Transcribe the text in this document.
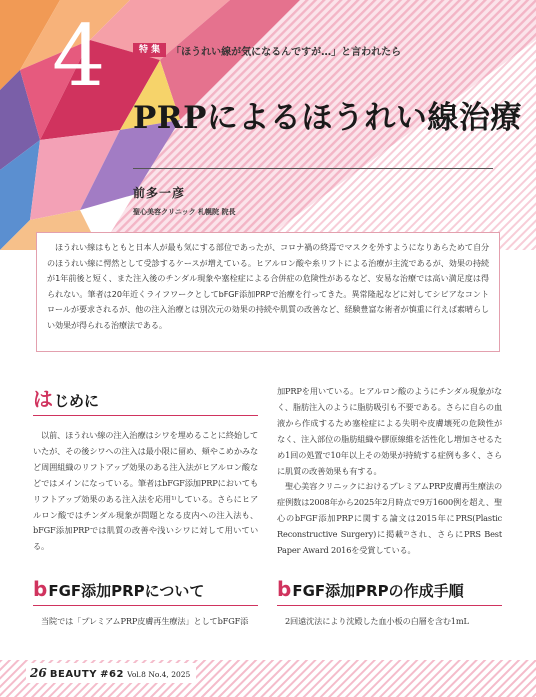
4	特 集	「ほうれい線が気になるんですが…」と言われたら
PRPによるほうれい線治療
前多一彦
聖心美容クリニック 札幌院 院長

ほうれい線はもともと日本人が最も気にする部位であったが、コロナ禍の終焉でマスクを外すようになりあらためて自分のほうれい線に愕然として受診するケースが増えている。ヒアルロン酸や糸リフトによる治療が主流であるが、効果の持続が1年前後と短く、また注入後のチンダル現象や塞栓症による合併症の危険性があるなど、安易な治療では高い満足度は得られない。筆者は20年近くライフワークとしてbFGF添加PRPで治療を行ってきた。異常隆起などに対してシビアなコントロールが要求されるが、他の注入治療とは別次元の効果の持続や肌質の改善など、経験豊富な術者が慎重に行えば素晴らしい効果が得られる治療法である。

は じめに

以前、ほうれい線の注入治療はシワを埋めることに終始していたが、その後シワへの注入は最小限に留め、頬やこめかみなど周囲組織のリフトアップ効果のある注入法がヒアルロン酸などではメインになっている。筆者はbFGF添加PRPにおいてもリフトアップ効果のある注入法を応用¹⁾している。さらにヒアルロン酸ではチンダル現象が問題となる皮内への注入法も、bFGF添加PRPでは肌質の改善や浅いシワに対して用いている。

加PRPを用いている。ヒアルロン酸のようにチンダル現象がなく、脂肪注入のように脂肪吸引も不要である。さらに自らの血液から作成するため塞栓症による失明や皮膚壊死の危険性がなく、注入部位の脂肪組織や膠原線維を活性化し増加させるため1回の処置で10年以上その効果が持続する症例も多く、さらに肌質の改善効果も有する。

聖心美容クリニックにおけるプレミアムPRP皮膚再生療法の症例数は2008年から2025年2月時点で9万1600例を超え、聖心のbFGF添加PRPに関する論文は2015年にPRS(Plastic Reconstructive Surgery)に掲載²⁾され、さらにPRS Best Paper Award 2016を受賞している。

b FGF添加PRPについて

当院では「プレミアムPRP皮膚再生療法」としてbFGF添

b FGF添加PRPの作成手順

2回遠沈法により沈殿した血小板の白層を含む1mL

26 BEAUTY #62 Vol.8 No.4, 2025
